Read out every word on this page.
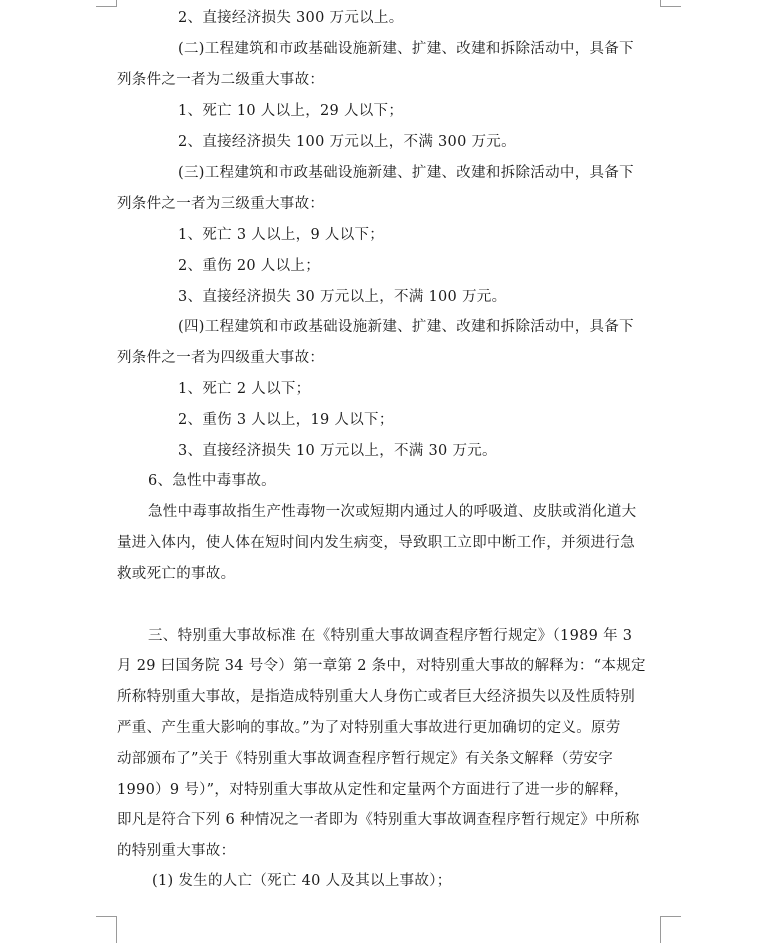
2、直接经济损失 300 万元以上。
(二)工程建筑和市政基础设施新建、扩建、改建和拆除活动中，具备下
列条件之一者为二级重大事故：
1、死亡 10 人以上，29 人以下；
2、直接经济损失 100 万元以上，不满 300 万元。
(三)工程建筑和市政基础设施新建、扩建、改建和拆除活动中，具备下
列条件之一者为三级重大事故：
1、死亡 3 人以上，9 人以下；
2、重伤 20 人以上；
3、直接经济损失 30 万元以上，不满 100 万元。
(四)工程建筑和市政基础设施新建、扩建、改建和拆除活动中，具备下
列条件之一者为四级重大事故：
1、死亡 2 人以下；
2、重伤 3 人以上，19 人以下；
3、直接经济损失 10 万元以上，不满 30 万元。
6、急性中毒事故。
急性中毒事故指生产性毒物一次或短期内通过人的呼吸道、皮肤或消化道大
量进入体内，使人体在短时间内发生病变，导致职工立即中断工作，并须进行急
救或死亡的事故。
三、特别重大事故标准 在《特别重大事故调查程序暂行规定》（1989 年 3
月 29 曰国务院 34 号令）第一章第 2 条中，对特别重大事故的解释为：“本规定
所称特别重大事故，是指造成特别重大人身伤亡或者巨大经济损失以及性质特别
严重、产生重大影响的事故。”为了对特别重大事故进行更加确切的定义。原劳
动部颁布了”关于《特别重大事故调查程序暂行规定》有关条文解释（劳安字
1990）9 号）”，对特别重大事故从定性和定量两个方面进行了进一步的解释，
即凡是符合下列 6 种情况之一者即为《特别重大事故调查程序暂行规定》中所称
的特别重大事故：
(1) 发生的人亡（死亡 40 人及其以上事故）；
